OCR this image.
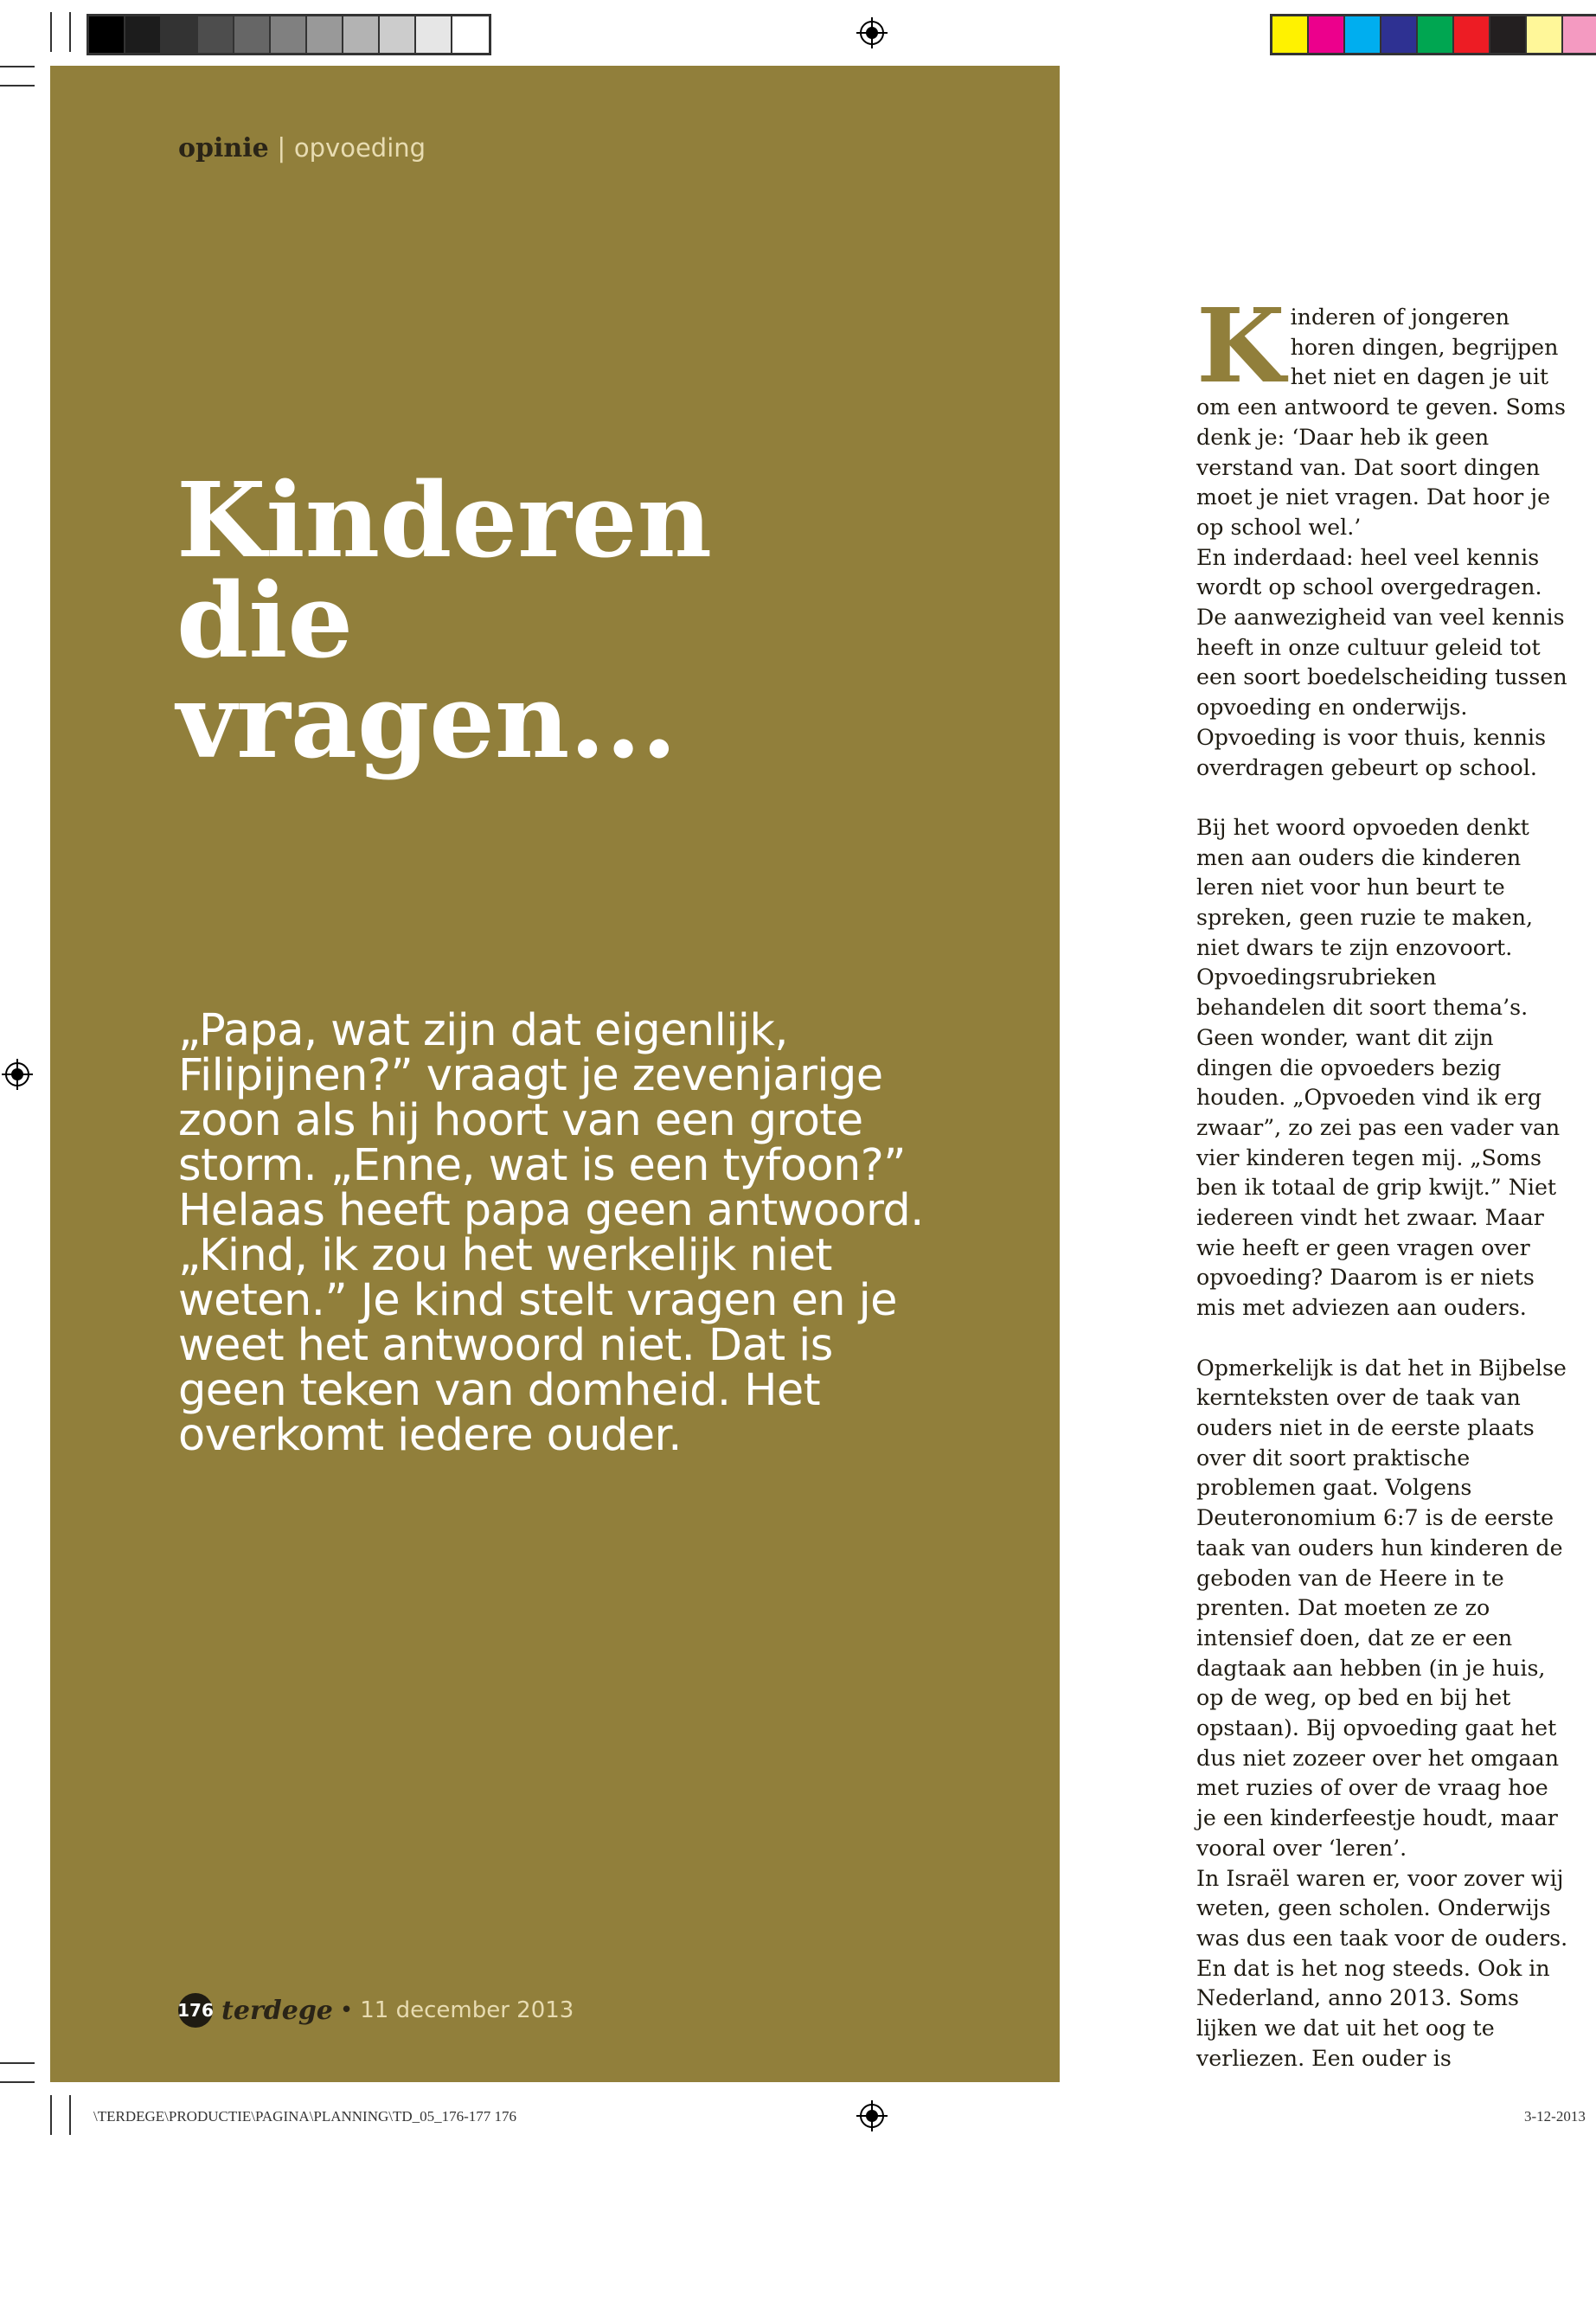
opinie | opvoeding
Kinderen
die
vragen...

„Papa, wat zijn dat eigenlijk, Filipijnen?” vraagt je zevenjarige zoon als hij hoort van een grote storm. „Enne, wat is een tyfoon?” Helaas heeft papa geen antwoord. „Kind, ik zou het werkelijk niet weten.” Je kind stelt vragen en je weet het antwoord niet. Dat is geen teken van domheid. Het overkomt iedere ouder.

176 terdege • 11 december 2013

Kinderen of jongeren horen dingen, begrijpen het niet en dagen je uit om een antwoord te geven. Soms denk je: ‘Daar heb ik geen verstand van. Dat soort dingen moet je niet vragen. Dat hoor je op school wel.’

En inderdaad: heel veel kennis wordt op school overgedragen. De aanwezigheid van veel kennis heeft in onze cultuur geleid tot een soort boedelscheiding tussen opvoeding en onderwijs. Opvoeding is voor thuis, kennis overdragen gebeurt op school.

Bij het woord opvoeden denkt men aan ouders die kinderen leren niet voor hun beurt te spreken, geen ruzie te maken, niet dwars te zijn enzovoort. Opvoedingsrubrieken behandelen dit soort thema’s. Geen wonder, want dit zijn dingen die opvoeders bezig houden. „Opvoeden vind ik erg zwaar”, zo zei pas een vader van vier kinderen tegen mij. „Soms ben ik totaal de grip kwijt.” Niet iedereen vindt het zwaar. Maar wie heeft er geen vragen over opvoeding? Daarom is er niets mis met adviezen aan ouders.

Opmerkelijk is dat het in Bijbelse kernteksten over de taak van ouders niet in de eerste plaats over dit soort praktische problemen gaat. Volgens Deuteronomium 6:7 is de eerste taak van ouders hun kinderen de geboden van de Heere in te prenten. Dat moeten ze zo intensief doen, dat ze er een dagtaak aan hebben (in je huis, op de weg, op bed en bij het opstaan). Bij opvoeding gaat het dus niet zozeer over het omgaan met ruzies of over de vraag hoe je een kinderfeestje houdt, maar vooral over ‘leren’.

In Israël waren er, voor zover wij weten, geen scholen. Onderwijs was dus een taak voor de ouders. En dat is het nog steeds. Ook in Nederland, anno 2013. Soms lijken we dat uit het oog te verliezen. Een ouder is

\TERDEGE\PRODUCTIE\PAGINA\PLANNING\TD_05_176-177 176	3-12-2013
